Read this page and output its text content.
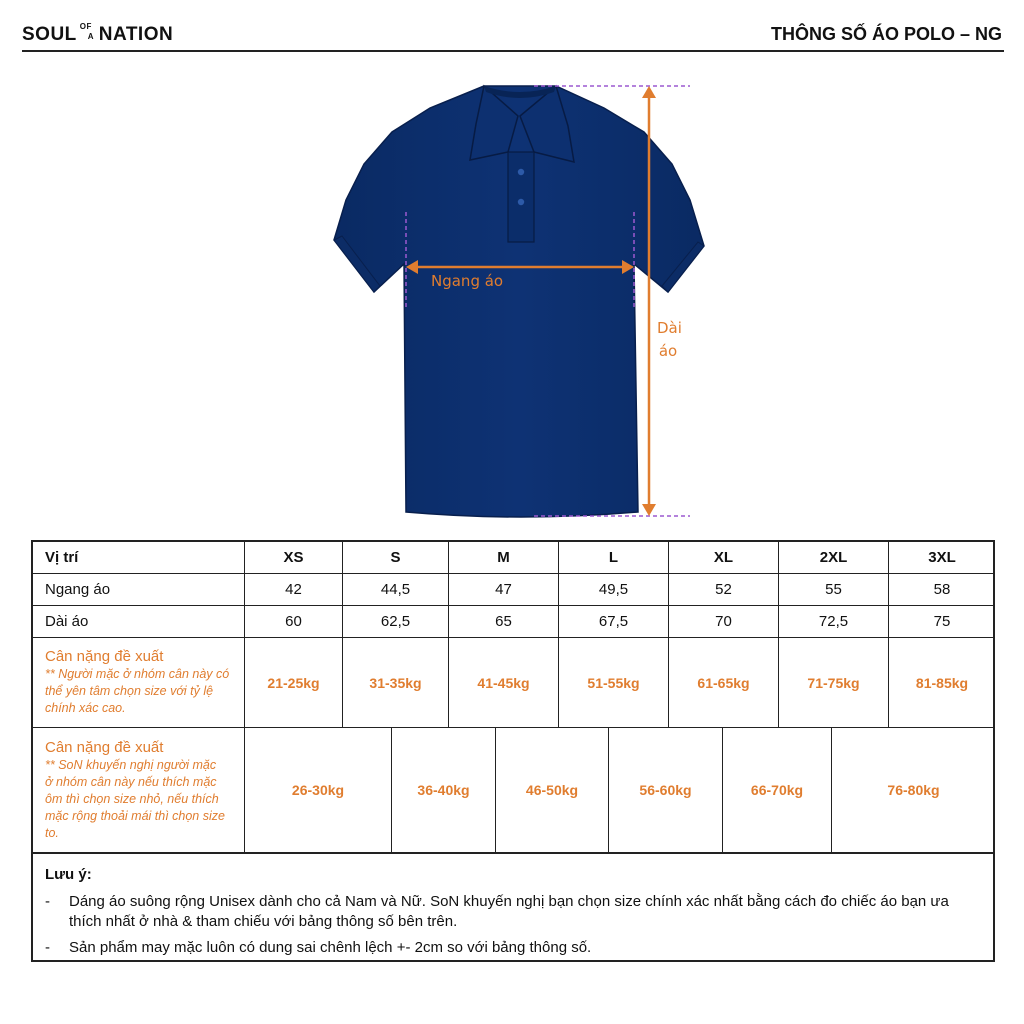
SOUL OF
A NATION	THÔNG SỐ ÁO POLO – NG
Ngang áo
Dài
áo
Vị trí	XS	S	M	L	XL	2XL	3XL
Ngang áo	42	44,5	47	49,5	52	55	58
Dài áo	60	62,5	65	67,5	70	72,5	75
Cân nặng đề xuất
** Người mặc ở nhóm cân này có thể yên tâm chọn size với tỷ lệ chính xác cao.
21-25kg	31-35kg	41-45kg	51-55kg	61-65kg	71-75kg	81-85kg
Cân nặng đề xuất
** SoN khuyến nghị người mặc ở nhóm cân này nếu thích mặc ôm thì chọn size nhỏ, nếu thích mặc rộng thoải mái thì chọn size to.
26-30kg	36-40kg	46-50kg	56-60kg	66-70kg	76-80kg
Lưu ý:
-	Dáng áo suông rộng Unisex dành cho cả Nam và Nữ. SoN khuyến nghị bạn chọn size chính xác nhất bằng cách đo chiếc áo bạn ưa thích nhất ở nhà & tham chiếu với bảng thông số bên trên.
-	Sản phẩm may mặc luôn có dung sai chênh lệch +- 2cm so với bảng thông số.
